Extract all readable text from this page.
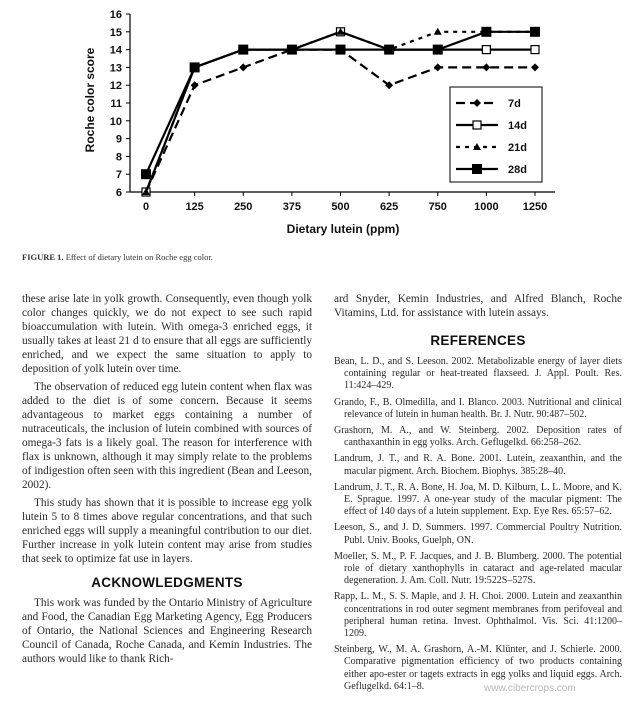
6
7
8
9
10
11
12
13
14
15
16
0	125	250	375	500	625	750 1000 1250
7d
14d
21d
28d
Dietary lutein (ppm)
Roche color score
FIGURE 1. Effect of dietary lutein on Roche egg color.

these arise late in yolk growth. Consequently, even though yolk color changes quickly, we do not expect to see such rapid bioaccumulation with lutein. With omega-3 enriched eggs, it usually takes at least 21 d to ensure that all eggs are sufficiently enriched, and we expect the same situation to apply to deposition of yolk lutein over time.

The observation of reduced egg lutein content when flax was added to the diet is of some concern. Because it seems advantageous to market eggs containing a number of nutraceuticals, the inclusion of lutein combined with sources of omega-3 fats is a likely goal. The reason for interference with flax is unknown, although it may simply relate to the problems of indigestion often seen with this ingredient (Bean and Leeson, 2002).

This study has shown that it is possible to increase egg yolk lutein 5 to 8 times above regular concentrations, and that such enriched eggs will supply a meaningful contribution to our diet. Further increase in yolk lutein content may arise from studies that seek to optimize fat use in layers.

ACKNOWLEDGMENTS

This work was funded by the Ontario Ministry of Agriculture and Food, the Canadian Egg Marketing Agency, Egg Producers of Ontario, the National Sciences and Engineering Research Council of Canada, Roche Canada, and Kemin Industries. The authors would like to thank Rich-

ard Snyder, Kemin Industries, and Alfred Blanch, Roche Vitamins, Ltd. for assistance with lutein assays.

REFERENCES

Bean, L. D., and S. Leeson. 2002. Metabolizable energy of layer diets containing regular or heat-treated flaxseed. J. Appl. Poult. Res. 11:424–429.

Grando, F., B. Olmedilla, and I. Blanco. 2003. Nutritional and clinical relevance of lutein in human health. Br. J. Nutr. 90:487–502.

Grashorn, M. A., and W. Steinberg. 2002. Deposition rates of canthaxanthin in egg yolks. Arch. Geflugelkd. 66:258–262.

Landrum, J. T., and R. A. Bone. 2001. Lutein, zeaxanthin, and the macular pigment. Arch. Biochem. Biophys. 385:28–40.

Landrum, J. T., R. A. Bone, H. Joa, M. D. Kilburn, L. L. Moore, and K. E. Sprague. 1997. A one-year study of the macular pigment: The effect of 140 days of a lutein supplement. Exp. Eye Res. 65:57–62.

Leeson, S., and J. D. Summers. 1997. Commercial Poultry Nutrition. Publ. Univ. Books, Guelph, ON.

Moeller, S. M., P. F. Jacques, and J. B. Blumberg. 2000. The potential role of dietary xanthophylls in cataract and age-related macular degeneration. J. Am. Coll. Nutr. 19:522S–527S.

Rapp, L. M., S. S. Maple, and J. H. Choi. 2000. Lutein and zeaxanthin concentrations in rod outer segment membranes from perifoveal and peripheral human retina. Invest. Ophthalmol. Vis. Sci. 41:1200–1209.

Steinberg, W., M. A. Grashorn, A.-M. Klünter, and J. Schierle. 2000. Comparative pigmentation efficiency of two products containing either apo-ester or tagets extracts in egg yolks and liquid eggs. Arch. Geflugelkd. 64:1–8.	www.cibercrops.com
